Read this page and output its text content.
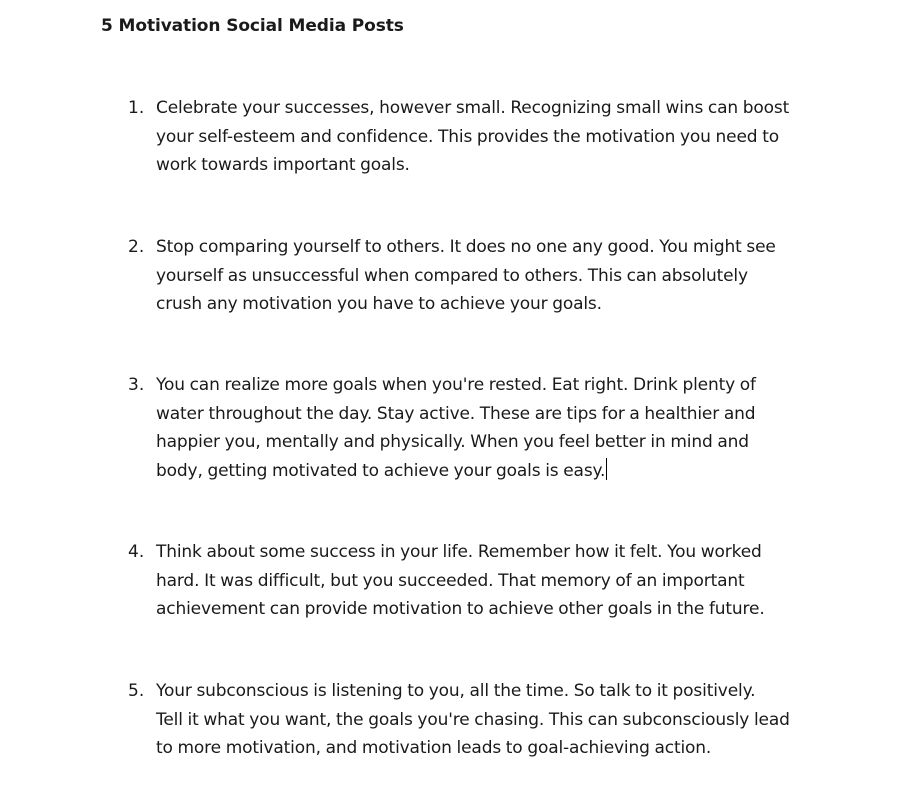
5 Motivation Social Media Posts
1. Celebrate your successes, however small. Recognizing small wins can boost
your self-esteem and confidence. This provides the motivation you need to
work towards important goals.
2. Stop comparing yourself to others. It does no one any good. You might see
yourself as unsuccessful when compared to others. This can absolutely
crush any motivation you have to achieve your goals.
3. You can realize more goals when you're rested. Eat right. Drink plenty of
water throughout the day. Stay active. These are tips for a healthier and
happier you, mentally and physically. When you feel better in mind and
body, getting motivated to achieve your goals is easy.
4. Think about some success in your life. Remember how it felt. You worked
hard. It was difficult, but you succeeded. That memory of an important
achievement can provide motivation to achieve other goals in the future.
5. Your subconscious is listening to you, all the time. So talk to it positively.
Tell it what you want, the goals you're chasing. This can subconsciously lead
to more motivation, and motivation leads to goal-achieving action.
